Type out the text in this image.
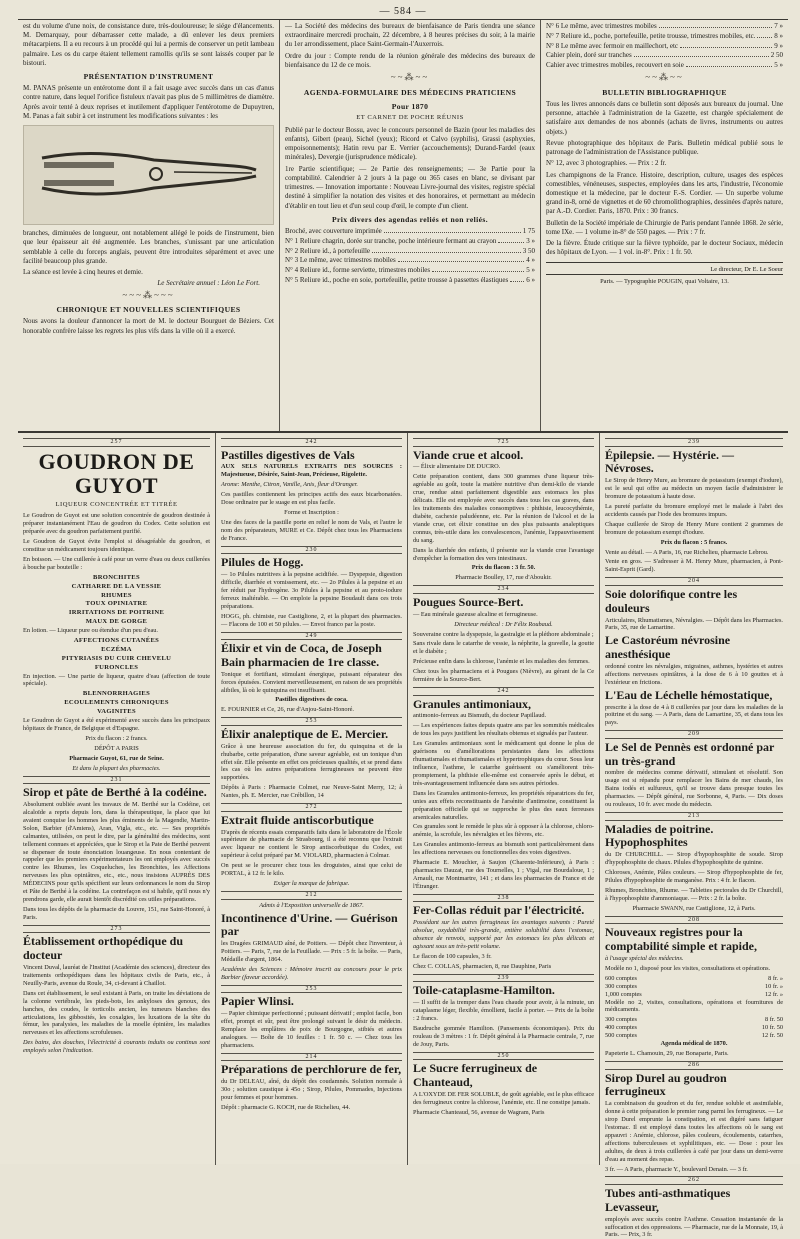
— 584 —

est du volume d'une noix, de consistance dure, très-douloureuse; le siége d'élancements. M. Demarquay, pour débarrasser cette malade, a dû enlever les deux premiers métacarpiens. Il a eu recours à un procédé qui lui a permis de conserver un petit lambeau palmaire. Les os du carpe étaient tellement ramollis qu'ils se sont laissés couper par le bistouri.

PRÉSENTATION D'INSTRUMENT

M. PANAS présente un entérotome dont il a fait usage avec succès dans un cas d'anus contre nature, dans lequel l'orifice fistuleux n'avait pas plus de 5 millimètres de diamètre. Après avoir tenté à deux reprises et inutilement d'appliquer l'entérotome de Dupuytren, M. Panas a fait subir à cet instrument les modifications suivantes : les

branches, diminuées de longueur, ont notablement allégé le poids de l'instrument, bien que leur épaisseur ait été augmentée. Les branches, s'unissant par une articulation semblable à celle du forceps anglais, peuvent être introduites séparément et avec une facilité beaucoup plus grande.

La séance est levée à cinq heures et demie.

Le Secrétaire annuel : Léon Le Fort.
~~~⁂~~~
CHRONIQUE ET NOUVELLES SCIENTIFIQUES

Nous avons la douleur d'annoncer la mort de M. le docteur Bourguet de Béziers. Cet honorable confrère laisse les regrets les plus vifs dans la ville où il a exercé.

— La Société des médecins des bureaux de bienfaisance de Paris tiendra une séance extraordinaire mercredi prochain, 22 décembre, à 8 heures précises du soir, à la mairie du 1er arrondissement, place Saint-Germain-l'Auxerrois.

Ordre du jour : Compte rendu de la réunion générale des médecins des bureaux de bienfaisance du 12 de ce mois.

~~⁂~~
AGENDA-FORMULAIRE DES MÉDECINS PRATICIENS
Pour 1870
ET CARNET DE POCHE RÉUNIS

Publié par le docteur Bossu, avec le concours personnel de Bazin (pour les maladies des enfants), Gibert (peau), Sichel (yeux); Ricord et Calvo (syphilis), Grassi (asphyxies, empoisonnements); Hatin revu par E. Verrier (accouchements); Durand-Fardel (eaux minérales), Devergie (jurisprudence médicale).

1re Partie scientifique; — 2e Partie des renseignements; — 3e Partie pour la comptabilité. Calendrier à 2 jours à la page ou 365 cases en blanc, se divisant par trimestres. — Innovation importante : Nouveau Livre-journal des visites, registre spécial destiné à simplifier la notation des visites et des honoraires, et permettant au médecin d'établir en tout lieu et d'un seul coup d'œil, le compte d'un client.

Prix divers des agendas reliés et non reliés.
Broché, avec couverture imprimée	1 75
N° 1 Reliure chagrin, dorée sur tranche, poche intérieure fermant au crayon	3 »
N° 2 Reliure id., à portefeuille	3 50
N° 3 Le même, avec trimestres mobiles	4 »
N° 4 Reliure id., forme serviette, trimestres mobiles	5 »
N° 5 Reliure id., poche en soie, portefeuille, petite trousse à passettes élastiques	6 »
N° 6 Le même, avec trimestres mobiles	7 »
N° 7 Reliure id., poche, portefeuille, petite trousse, trimestres mobiles, etc.	8 »
N° 8 Le même avec fermoir en maillechort, etc	9 »
Cahier plein, doré sur tranches	2 50
Cahier avec trimestres mobiles, recouvert en soie	5 »
~~⁂~~
BULLETIN BIBLIOGRAPHIQUE

Tous les livres annoncés dans ce bulletin sont déposés aux bureaux du journal. Une personne, attachée à l'administration de la Gazette, est chargée spécialement de satisfaire aux demandes de nos abonnés (achats de livres, instruments ou autres objets.)

Revue photographique des hôpitaux de Paris. Bulletin médical publié sous le patronage de l'administration de l'Assistance publique.

N° 12, avec 3 photographies. — Prix : 2 fr.

Les champignons de la France. Histoire, description, culture, usages des espèces comestibles, vénéneuses, suspectes, employées dans les arts, l'industrie, l'économie domestique et la médecine, par le docteur F.-S. Cordier. — Un superbe volume grand in-8, orné de vignettes et de 60 chromolithographies, dessinées d'après nature, par A.-D. Cordier. Paris, 1870. Prix : 30 francs.

Bulletin de la Société impériale de Chirurgie de Paris pendant l'année 1868. 2e série, tome IXe. — 1 volume in-8° de 550 pages. — Prix : 7 fr.

De la fièvre. Étude critique sur la fièvre typhoïde, par le docteur Sociaux, médecin des hôpitaux de Lyon. — 1 vol. in-8°. Prix : 1 fr. 50.

Le directeur, Dr E. Le Soeur
Paris. — Typographie POUGIN, quai Voltaire, 13.
257
GOUDRON DE GUYOT
LIQUEUR CONCENTRÉE ET TITRÉE

Le Goudron de Guyot est une solution concentrée de goudron destinée à préparer instantanément l'Eau de goudron du Codex. Cette solution est préparée avec du goudron parfaitement purifié.

Le Goudron de Guyot évite l'emploi si désagréable du goudron, et constitue un médicament toujours identique.

En boisson. — Une cuillerée à café pour un verre d'eau ou deux cuillerées à bouche par bouteille :

BRONCHITES
CATHARRE DE LA VESSIE
RHUMES
TOUX OPINIATRE
IRRITATIONS DE POITRINE
MAUX DE GORGE

En lotion. — Liqueur pure ou étendue d'un peu d'eau.

AFFECTIONS CUTANÉES
ECZÉMA
PITYRIASIS DU CUIR CHEVELU
FURONCLES

En injection. — Une partie de liqueur, quatre d'eau (affection de toute spéciale).

BLENNORRHAGIES
ECOULEMENTS CHRONIQUES
VAGINITES

Le Goudron de Guyot a été expérimenté avec succès dans les principaux hôpitaux de France, de Belgique et d'Espagne.

Prix du flacon : 2 francs.

DÉPÔT A PARIS

Pharmacie Guyot, 61, rue de Seine.

Et dans la plupart des pharmacies.

231
Sirop et pâte de Berthé à la codéine.

Absolument oubliée avant les travaux de M. Berthé sur la Codéine, cet alcaloïde a repris depuis lors, dans la thérapeutique, la place que lui avaient conquise les hommes les plus éminents de la Magendie, Martin-Solon, Barbier (d'Amiens), Aran, Vigla, etc., etc. — Ses propriétés calmantes, utilisées, on peut le dire, par la généralité des médecins, sont tellement connues et appréciées, que le Sirop et la Pate de Berthé peuvent se dispenser de toute énonciation louangeuse. En nous contentant de rappeler que les premiers expérimentateurs les ont employés avec succès contre les Rhumes, les Coqueluches, les Bronchites, les Affections nerveuses les plus opiniâtres, etc., etc., nous insistons AUPRÈS DES MÉDECINS pour qu'ils spécifient sur leurs ordonnances le nom du Sirop et Pâte de Berthé à la codéine. La contrefaçon est si habile, qu'il nous n'y prendrons garde, elle aurait bientôt discrédité ces utiles préparations.

Dans tous les dépôts de la pharmacie du Louvre, 151, rue Saint-Honoré, à Paris.

273
Établissement orthopédique du docteur

Vincent Duval, lauréat de l'Institut (Académie des sciences), directeur des traitements orthopédiques dans les hôpitaux civils de Paris, etc., à Neuilly-Paris, avenue du Roule, 34, ci-devant à Chaillot.

Dans cet établissement, le seul existant à Paris, on traite les déviations de la colonne vertébrale, les pieds-bots, les ankyloses des genoux, des hanches, des coudes, le torticolis ancien, les tumeurs blanches des articulations, les gibbosités, les coxalgies, les luxations de la tête du fémur, les paralysies, les maladies de la moelle épinière, les maladies nerveuses et les affections scrofuleuses.

Des bains, des douches, l'électricité à courants induits ou continus sont employés selon l'indication.

242
Pastilles digestives de Vals

AUX SELS NATURELS EXTRAITS DES SOURCES : Majestueuse, Désirée, Saint-Jean, Précieuse, Rigolette.

Arome: Menthe, Citron, Vanille, Anis, fleur d'Oranger.

Ces pastilles contiennent les principes actifs des eaux bicarbonatées. Dose ordinaire par le suage en est plus facile.

Forme et Inscription :

Une des faces de la pastille porte en relief le nom de Vals, et l'autre le nom des préparateurs, MURE et Ce. Dépôt chez tous les Pharmaciens de France.

230
Pilules de Hogg.

— 1o Pilules nutritives à la pepsine acidifiée. — Dyspepsie, digestion difficile, diarrhée et vomissement, etc. — 2o Pilules à la pepsine et au fer réduit par l'hydrogène. 3o Pilules à la pepsine et au proto-iodure ferreux inaltérable. — On emploie la pepsine Boudault dans ces trois préparations.

HOGG, ph. chimiste, rue Castiglione, 2, et la plupart des pharmacies. — Flacons de 100 et 50 pilules. — Envoi franco par la poste.

249
Élixir et vin de Coca, de Joseph Bain pharmacien de 1re classe.

Tonique et fortifiant, stimulant énergique, puissant réparateur des forces épuisées. Convient merveilleusement, en raison de ses propriétés alibiles, là où le quinquina est insuffisant.

Pastilles digestives de coca.

E. FOURNIER et Ce, 26, rue d'Anjou-Saint-Honoré.

253
Élixir analeptique de E. Mercier.

Grâce à une heureuse association du fer, du quinquina et de la rhubarbe, cette préparation, d'une saveur agréable, est un tonique d'un effet sûr. Elle présente en effet ces précieuses qualités, et se prend dans les cas où les autres préparations ferrugineuses ne peuvent être supportées.

Dépôts à Paris : Pharmacie Colmet, rue Neuve-Saint Merry, 12; à Nantes, ph. E. Mercier, rue Crébillon, 14

272
Extrait fluide antiscorbutique

D'après de récents essais comparatifs faits dans le laboratoire de l'École supérieure de pharmacie de Strasbourg, il a été reconnu que l'extrait avec liqueur ne contient le Sirop antiscorbutique du Codex, est supérieur à celui préparé par M. VIOLARD, pharmacien à Colmar.

On peut se le procurer chez tous les droguistes, ainsi que celui de PORTAL, à 12 fr. le kilo.

Exiger la marque de fabrique.

212

Admis à l'Exposition universelle de 1867.

Incontinence d'Urine. — Guérison par

les Dragées GRIMAUD aîné, de Poitiers. — Dépôt chez l'inventeur, à Poitiers. — Paris, 7, rue de la Feuillade. — Prix : 5 fr. la boîte. — Paris, Médaille d'argent, 1864.

Académie des Sciences : Mémoire inscrit au concours pour le prix Barbier (faveur accordée).

253
Papier Wlinsi.

— Papier chimique perfectionné ; puissant dérivatif ; emploi facile, bon effet, prompt et sûr, peut être prolongé suivant le désir du médecin. Remplace les emplâtres de poix de Bourgogne, stibiés et autres analogues. — Boîte de 10 feuilles : 1 fr. 50 c. — Chez tous les pharmaciens.

214
Préparations de perchlorure de fer,

du Dr DELEAU, aîné, du dépôt des coudamnés. Solution normale à 30o ; solution caustique à 45o ; Sirop, Pilules, Pommades, Injections pour femmes et pour hommes.

Dépôt : pharmacie G. KOCH, rue de Richelieu, 44.

725
Viande crue et alcool.

— Élixir alimentaire DE DUCRO.

Cette préparation contient, dans 300 grammes d'une liqueur très-agréable au goût, toute la matière nutritive d'un demi-kilo de viande crue, rendue ainsi parfaitement digestible aux estomacs les plus délicats. Elle est employée avec succès dans tous les cas graves, dans les traitements des maladies consomptives : phthisie, leucocythémie, diabète, cachexie paludéenne, etc. Par la réunion de l'alcool et de la viande crue, cet élixir constitue un des plus puissants analeptiques connus, très-utile dans les convalescences, l'anémie, l'appauvrissement du sang.

Dans la diarrhée des enfants, il présente sur la viande crue l'avantage d'empêcher la formation des vers intestinaux.

Prix du flacon : 3 fr. 50.

Pharmacie Boulley, 17, rue d'Aboukir.

234
Pougues Source-Bert.

— Eau minérale gazeuse alcaline et ferrugineuse.

Directeur médical : Dr Félix Roubaud.

Souveraine contre la dyspepsie, la gastralgie et la pléthore abdominale ;

Sans rivale dans le catarrhe de vessie, la néphrite, la gravelle, la goutte et le diabète ;

Précieuse enfin dans la chlorose, l'anémie et les maladies des femmes.

Chez tous les pharmaciens et à Pougues (Nièvre), au gérant de la Ce fermière de la Source-Bert.

242
Granules antimoniaux,

antimonio-ferreux au Bismuth, du docteur Papillaud.

— Les expériences faites depuis quatre ans par les sommités médicales de tous les pays justifient les résultats obtenus et signalés par l'auteur.

Les Granules antimoniaux sont le médicament qui donne le plus de guérisons ou d'améliorations persistantes dans les affections rhumatismales et rhumatismales et hypertrophiques du cœur. Sous leur influence, l'asthme, le catarrhe guérissent ou s'améliorent très-promptement, la phthisie elle-même est conservée après le début, et très-avantageusement influencée dans ses autres périodes.

Dans les Granules antimonio-ferreux, les propriétés réparatrices du fer, unies aux effets reconstituants de l'arsénite d'antimoine, constituent la préparation officielle qui se rapproche le plus des eaux ferreuses arsenicales naturelles.

Ces granules sont le remède le plus sûr à opposer à la chlorose, chloro-anémie, la scrofule, les névralgies et les fièvres, etc.

Les Granules antimonio-ferreux au bismuth sont particulièrement dans les affections nerveuses ou fonctionnelles des voies digestives.

Pharmacie E. Mouchier, à Saujon (Charente-Inférieure), à Paris : pharmacies Dauzat, rue des Tournelles, 1 ; Vigal, rue Bourdaloue, 1 ; Arnault, rue Montmartre, 141 ; et dans les pharmacies de France et de l'Étranger.

238
Fer-Collas réduit par l'électricité.

Possédant sur les autres ferrugineux les avantages suivants : Pureté absolue, oxydabilité très-grande, entière solubilité dans l'estomac, absence de renvois, supporté par les estomacs les plus délicats et agissant sous un très-petit volume.

Le flacon de 100 capsules, 3 fr.

Chez C. COLLAS, pharmacien, 8, rue Dauphine, Paris

239
Toile-cataplasme-Hamilton.

— Il suffit de la tremper dans l'eau chaude pour avoir, à la minute, un cataplasme léger, flexible, émollient, facile à porter. — Prix de la boîte : 2 francs.

Baudruche gommée Hamilton. (Pansements économiques). Prix du rouleau de 3 mètres : 1 fr. Dépôt général à la Pharmacie centrale, 7, rue de Jouy, Paris.

250
Le Sucre ferrugineux de Chanteaud,

A L'OXYDE DE FER SOLUBLE, de goût agréable, est le plus efficace des ferrugineux contre la chlorose, l'anémie, etc. Il ne constipe jamais.

Pharmacie Chanteaud, 56, avenue de Wagram, Paris

239
Épilepsie. — Hystérie. — Névroses.

Le Sirop de Henry Mure, au bromure de potassium (exempt d'iodure), est le seul qui offre au médecin un moyen facile d'administrer le bromure de potassium à haute dose.

La pureté parfaite du bromure employé met le malade à l'abri des accidents causés par l'iode des bromures impurs.

Chaque cuillerée de Sirop de Henry Mure contient 2 grammes de bromure de potassium exempt d'iodure.

Prix du flacon : 5 francs.

Vente au détail. — A Paris, 16, rue Richelieu, pharmacie Lebrou.

Vente en gros. — S'adresser à M. Henry Mure, pharmacien, à Pont-Saint-Esprit (Gard).

204
Soie doloriﬁque contre les douleurs

Articulaires, Rhumatismes, Névralgies. — Dépôt dans les Pharmacies. Paris, 35, rue de Lamartine.

Le Castoréum névrosine anesthésique

ordonné contre les névralgies, migraines, asthmes, hystéries et autres affections nerveuses opiniâtres, à la dose de 6 à 10 gouttes et à l'extérieur en frictions.

L'Eau de Léchelle hémostatique,

prescrite à la dose de 4 à 8 cuillerées par jour dans les maladies de la poitrine et du sang. — A Paris, dans de Lamartine, 35, et dans tous les pays.

209
Le Sel de Pennès est ordonné par un très-grand

nombre de médecins comme dérivatif, stimulant et résolutif. Son usage est si répandu pour remplacer les Bains de mer chauds, les Bains iodés et sulfureux, qu'il se trouve dans presque toutes les pharmacies. — Dépôt général, rue Sorbonne, 4, Paris. — Dix doses ou rouleaux, 10 fr. avec mode du médecin.

213
Maladies de poitrine. Hypophosphites

du Dr CHURCHILL. — Sirop d'hypophosphite de soude. Sirop d'hypophosphite de chaux. Pilules d'hypophosphite de quinine.

Chloroses, Anémie, Pâles couleurs. — Sirop d'hypophosphite de fer, Pilules d'hypophosphite de manganèse. Prix : 4 fr. le flacon.

Rhumes, Bronchites, Rhume. — Tablettes pectorales du Dr Churchill, à l'hypophosphite d'ammoniaque. — Prix : 2 fr. la boîte.

Pharmacie SWANN, rue Castiglione, 12, à Paris.

208
Nouveaux registres pour la comptabilité simple et rapide,

à l'usage spécial des médecins.

Modèle no 1, disposé pour les visites, consultations et opérations.

600 comptes	8 fr. »
300 comptes	10 fr. »
1,000 comptes	12 fr. »

Modèle no 2, visites, consultations, opérations et fournitures de médicaments.

300 comptes	8 fr. 50
400 comptes	10 fr. 50
500 comptes	12 fr. 50

Agenda médical de 1870.

Papeterie L. Chamouin, 29, rue Bonaparte, Paris.

286
Sirop Durel au goudron ferrugineux

La combinaison du goudron et du fer, rendue soluble et assimilable, donne à cette préparation le premier rang parmi les ferrugineux. — Le sirop Durel emprunte la constipation, et est digéré sans fatiguer l'estomac. Il est employé dans toutes les affections où le sang est appauvri : Anémie, chlorose, pâles couleurs, écoulements, catarrhes, affections tuberculeuses et syphilitiques, etc. — Dose : pour les adultes, de deux à trois cuillerées à café par jour dans un demi-verre d'eau au moment des repas.

3 fr. — A Paris, pharmacie Y., boulevard Denain. — 3 fr.

262
Tubes anti-asthmatiques Levasseur,

employés avec succès contre l'Asthme. Cessation instantanée de la suffocation et des oppressions. — Pharmacie, rue de la Monnaie, 19, à Paris. — Prix, 3 fr.
